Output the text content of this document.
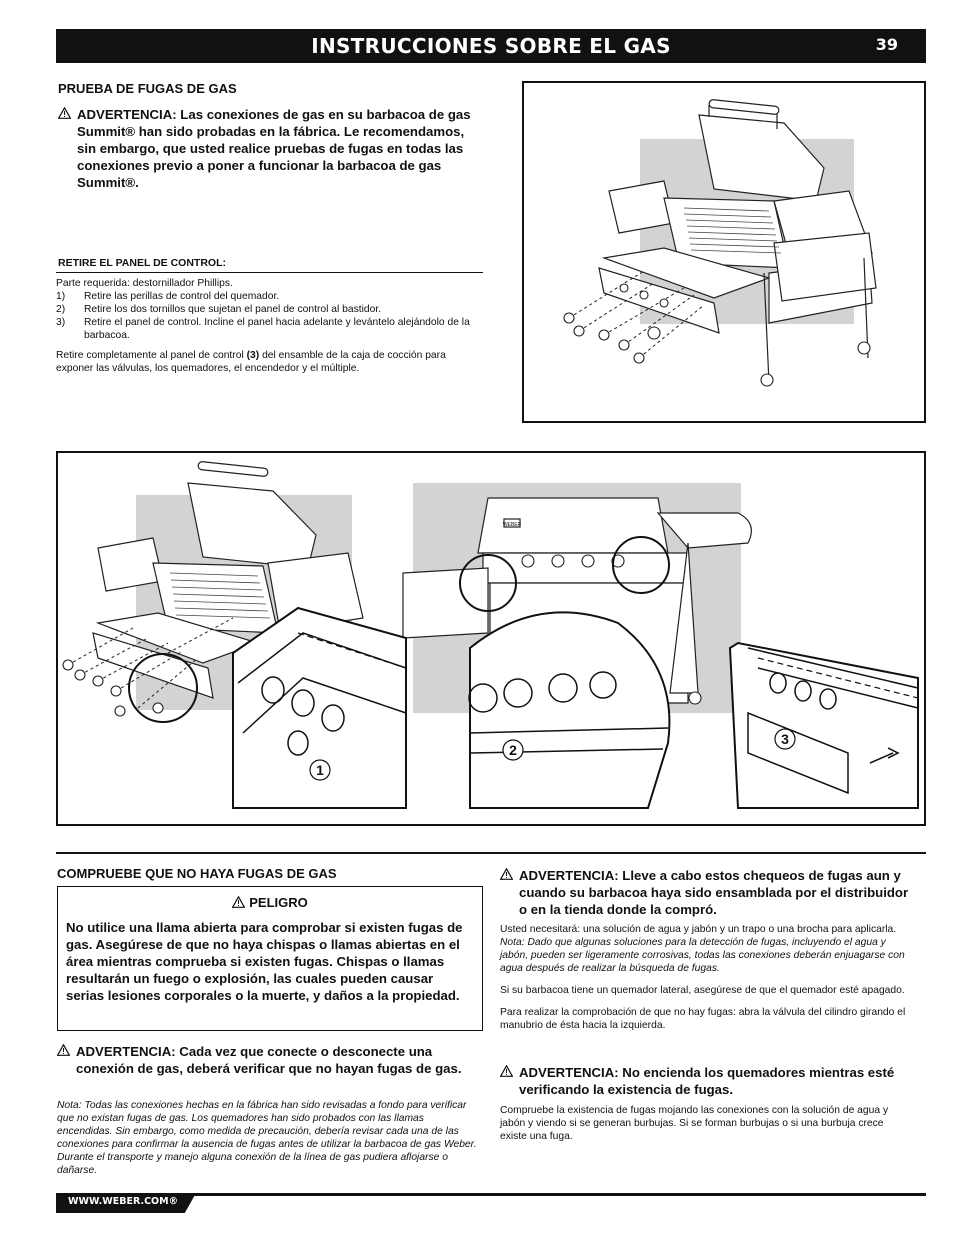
INSTRUCCIONES SOBRE EL GAS	39
PRUEBA DE FUGAS DE GAS
ADVERTENCIA: Las conexiones de gas en su barbacoa de gas Summit® han sido probadas en la fábrica. Le recomendamos, sin embargo, que usted realice pruebas de fugas en todas las conexiones previo a poner a funcionar la barbacoa de gas Summit®.
RETIRE EL PANEL DE CONTROL:

Parte requerida: destornillador Phillips.

1)	Retire las perillas de control del quemador.
2)	Retire los dos tornillos que sujetan el panel de control al bastidor.
3)	Retire el panel de control. Incline el panel hacia adelante y levántelo alejándolo de la barbacoa.

Retire completamente al panel de control (3) del ensamble de la caja de cocción para exponer las válvulas, los quemadores, el encendedor y el múltiple.

1
2
3
WEBER
COMPRUEBE QUE NO HAYA FUGAS DE GAS
PELIGRO
No utilice una llama abierta para comprobar si existen fugas de gas. Asegúrese de que no haya chispas o llamas abiertas en el área mientras comprueba si existen fugas. Chispas o llamas resultarán un fuego o explosión, las cuales pueden causar serias lesiones corporales o la muerte, y daños a la propiedad.
ADVERTENCIA: Cada vez que conecte o desconecte una conexión de gas, deberá verificar que no hayan fugas de gas.
Nota: Todas las conexiones hechas en la fábrica han sido revisadas a fondo para verificar que no existan fugas de gas. Los quemadores han sido probados con las llamas encendidas. Sin embargo, como medida de precaución, debería revisar cada una de las conexiones para confirmar la ausencia de fugas antes de utilizar la barbacoa de gas Weber. Durante el transporte y manejo alguna conexión de la línea de gas pudiera aflojarse o dañarse.
ADVERTENCIA: Lleve a cabo estos chequeos de fugas aun y cuando su barbacoa haya sido ensamblada por el distribuidor o en la tienda donde la compró.

Usted necesitará: una solución de agua y jabón y un trapo o una brocha para aplicarla.

Nota: Dado que algunas soluciones para la detección de fugas, incluyendo el agua y jabón, pueden ser ligeramente corrosivas, todas las conexiones deberán enjuagarse con agua después de realizar la búsqueda de fugas.

Si su barbacoa tiene un quemador lateral, asegúrese de que el quemador esté apagado.

Para realizar la comprobación de que no hay fugas: abra la válvula del cilindro girando el manubrio de ésta hacia la izquierda.

ADVERTENCIA: No encienda los quemadores mientras esté verificando la existencia de fugas.
Compruebe la existencia de fugas mojando las conexiones con la solución de agua y jabón y viendo si se generan burbujas. Si se forman burbujas o si una burbuja crece existe una fuga.
WWW.WEBER.COM®
